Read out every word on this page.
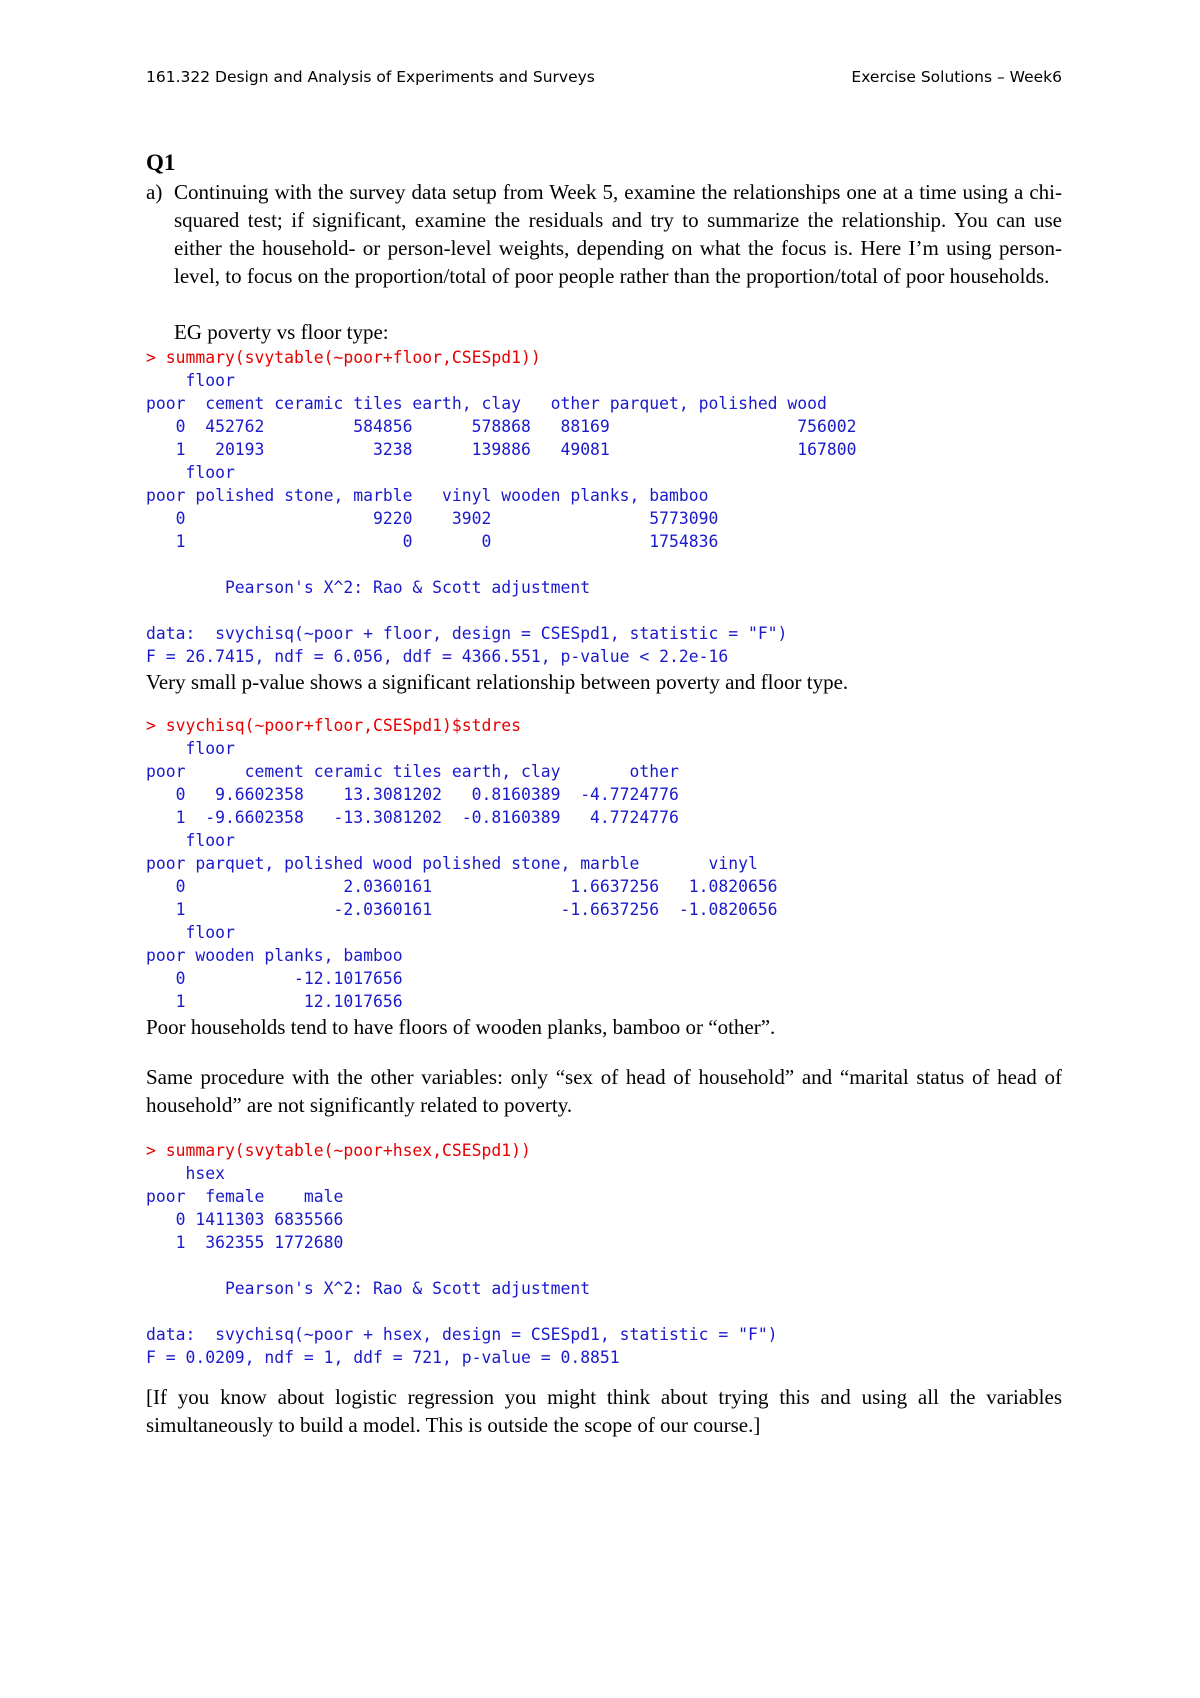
161.322 Design and Analysis of Experiments and Surveys	Exercise Solutions – Week6
Q1
a) Continuing with the survey data setup from Week 5, examine the relationships one at a time using a chi-squared test; if significant, examine the residuals and try to summarize the relationship. You can use either the household- or person-level weights, depending on what the focus is. Here I’m using person-level, to focus on the proportion/total of poor people rather than the proportion/total of poor households.

EG poverty vs floor type:

> summary(svytable(~poor+floor,CSESpd1))
floor
poor  cement ceramic tiles earth, clay   other parquet, polished wood
0  452762         584856      578868   88169                   756002
1   20193           3238      139886   49081                   167800
floor
poor polished stone, marble   vinyl wooden planks, bamboo
0                   9220    3902                5773090
1                      0       0                1754836

Pearson's X^2: Rao & Scott adjustment

data:  svychisq(~poor + floor, design = CSESpd1, statistic = "F")
F = 26.7415, ndf = 6.056, ddf = 4366.551, p-value < 2.2e-16

Very small p-value shows a significant relationship between poverty and floor type.

> svychisq(~poor+floor,CSESpd1)$stdres
floor
poor      cement ceramic tiles earth, clay       other
0   9.6602358    13.3081202   0.8160389  -4.7724776
1  -9.6602358   -13.3081202  -0.8160389   4.7724776
floor
poor parquet, polished wood polished stone, marble       vinyl
0                2.0360161              1.6637256   1.0820656
1               -2.0360161             -1.6637256  -1.0820656
floor
poor wooden planks, bamboo
0           -12.1017656
1            12.1017656

Poor households tend to have floors of wooden planks, bamboo or “other”.

Same procedure with the other variables: only “sex of head of household” and “marital status of head of household” are not significantly related to poverty.

> summary(svytable(~poor+hsex,CSESpd1))
hsex
poor  female    male
0 1411303 6835566
1  362355 1772680

Pearson's X^2: Rao & Scott adjustment

data:  svychisq(~poor + hsex, design = CSESpd1, statistic = "F")
F = 0.0209, ndf = 1, ddf = 721, p-value = 0.8851

[If you know about logistic regression you might think about trying this and using all the variables simultaneously to build a model. This is outside the scope of our course.]
